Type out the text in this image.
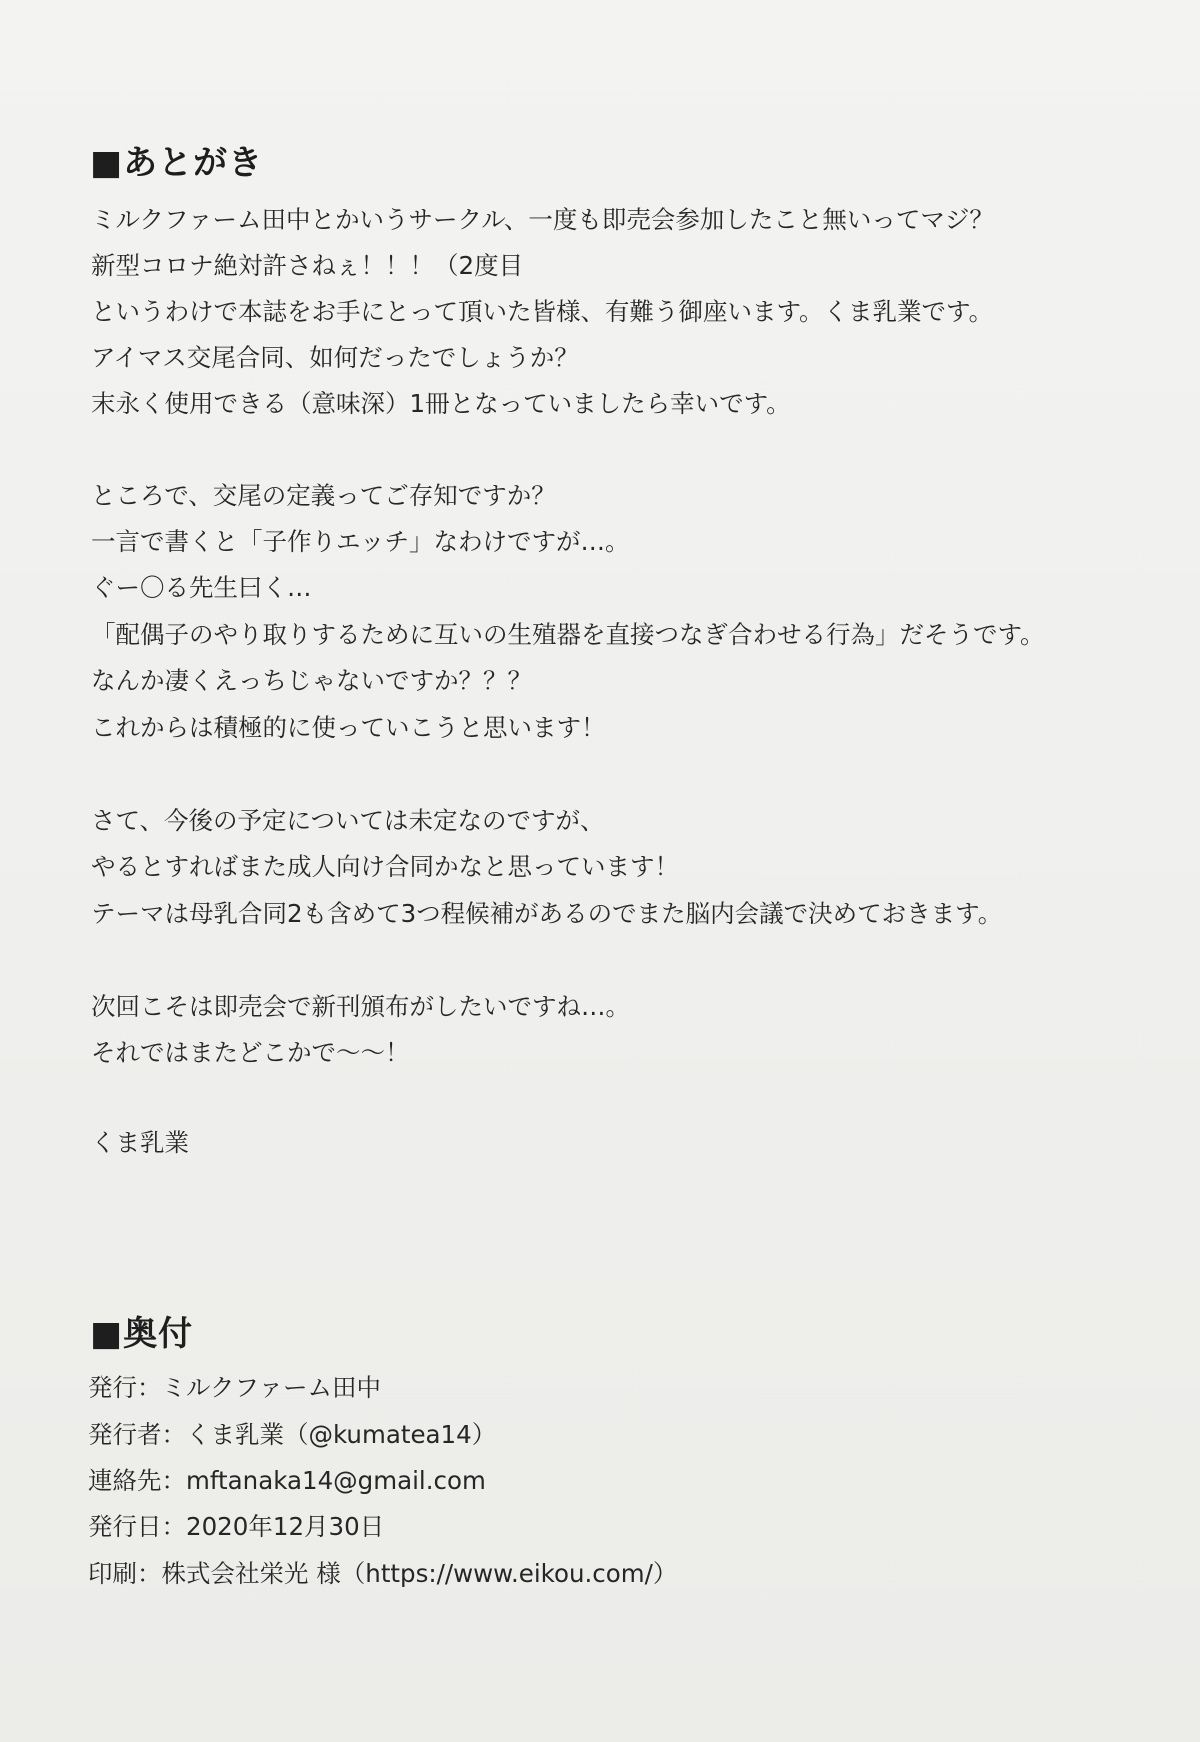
■あとがき
ミルクファーム田中とかいうサークル、一度も即売会参加したこと無いってマジ？
新型コロナ絶対許さねぇ！！！（2度目
というわけで本誌をお手にとって頂いた皆様、有難う御座います。くま乳業です。
アイマス交尾合同、如何だったでしょうか？
末永く使用できる（意味深）1冊となっていましたら幸いです。
ところで、交尾の定義ってご存知ですか？
一言で書くと「子作りエッチ」なわけですが…。
ぐー〇る先生曰く…
「配偶子のやり取りするために互いの生殖器を直接つなぎ合わせる行為」だそうです。
なんか凄くえっちじゃないですか？？？
これからは積極的に使っていこうと思います！
さて、今後の予定については未定なのですが、
やるとすればまた成人向け合同かなと思っています！
テーマは母乳合同2も含めて3つ程候補があるのでまた脳内会議で決めておきます。
次回こそは即売会で新刊頒布がしたいですね…。
それではまたどこかで～～！
くま乳業
■奥付
発行：ミルクファーム田中
発行者：くま乳業（@kumatea14）
連絡先：mftanaka14@gmail.com
発行日：2020年12月30日
印刷：株式会社栄光 様（https://www.eikou.com/）
